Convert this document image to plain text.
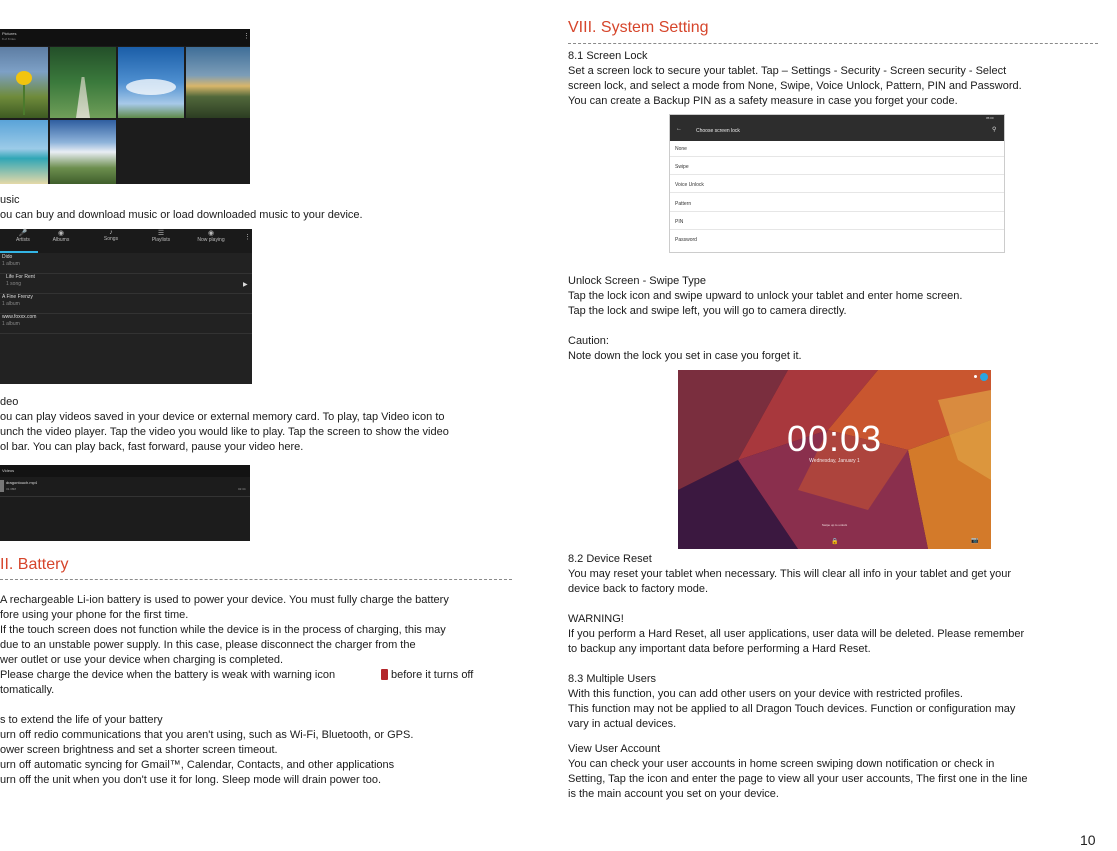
Pictures
8 of 8 tiles	⋮

usic

ou can buy and download music or load downloaded music to your device.

🎤
Artists
◉
Albums
♪
Songs
☰
Playlists
◉
Now playing	⋮
Dido
1 album
Life For Rent
1 song	▶
A Fine Frenzy
1 album
www.foxxx.com
1 album

deo

ou can play videos saved in your device or external memory card. To play, tap Video icon to

unch the video player. Tap the video you would like to play. Tap the screen to show the video

ol bar. You can play back, fast forward, pause your video here.

Videos
dragontouch.mp4
31.38M	02:34

II. Battery

A rechargeable Li-ion battery is used to power your device. You must fully charge the battery

fore using your phone for the first time.

If the touch screen does not function while the device is in the process of charging, this may

due to an unstable power supply. In this case, please disconnect the charger from the

wer outlet or use your device when charging is completed.

Please charge the device when the battery is weak with warning icon	before it turns off

tomatically.

s to extend the life of your battery

urn off redio communications that you aren't using, such as Wi-Fi, Bluetooth, or GPS.

ower screen brightness and set a shorter screen timeout.

urn off automatic syncing for Gmail™, Calendar, Contacts, and other applications

urn off the unit when you don't use it for long. Sleep mode will drain power too.

VIII. System Setting

8.1 Screen Lock

Set a screen lock to secure your tablet. Tap – Settings - Security - Screen security - Select

screen lock, and select a mode from None, Swipe, Voice Unlock, Pattern, PIN and Password.

You can create a Backup PIN as a safety measure in case you forget your code.

05:00
←	Choose screen lock	⚲
None
Swipe
Voice Unlock
Pattern
PIN
Password

Unlock Screen - Swipe Type

Tap the lock icon and swipe upward to unlock your tablet and enter home screen.

Tap the lock and swipe left, you will go to camera directly.

Caution:

Note down the lock you set in case you forget it.

00:03
Wednesday, January 1
Swipe up to unlock
🔒	📷

8.2 Device Reset

You may reset your tablet when necessary. This will clear all info in your tablet and get your

device back to factory mode.

WARNING!

If you perform a Hard Reset, all user applications, user data will be deleted. Please remember

to backup any important data before performing a Hard Reset.

8.3 Multiple Users

With this function, you can add other users on your device with restricted profiles.

This function may not be applied to all Dragon Touch devices. Function or configuration may

vary in actual devices.

View User Account

You can check your user accounts in home screen swiping down notification or check in

Setting, Tap the icon and enter the page to view all your user accounts, The first one in the line

is the main account you set on your device.

10
